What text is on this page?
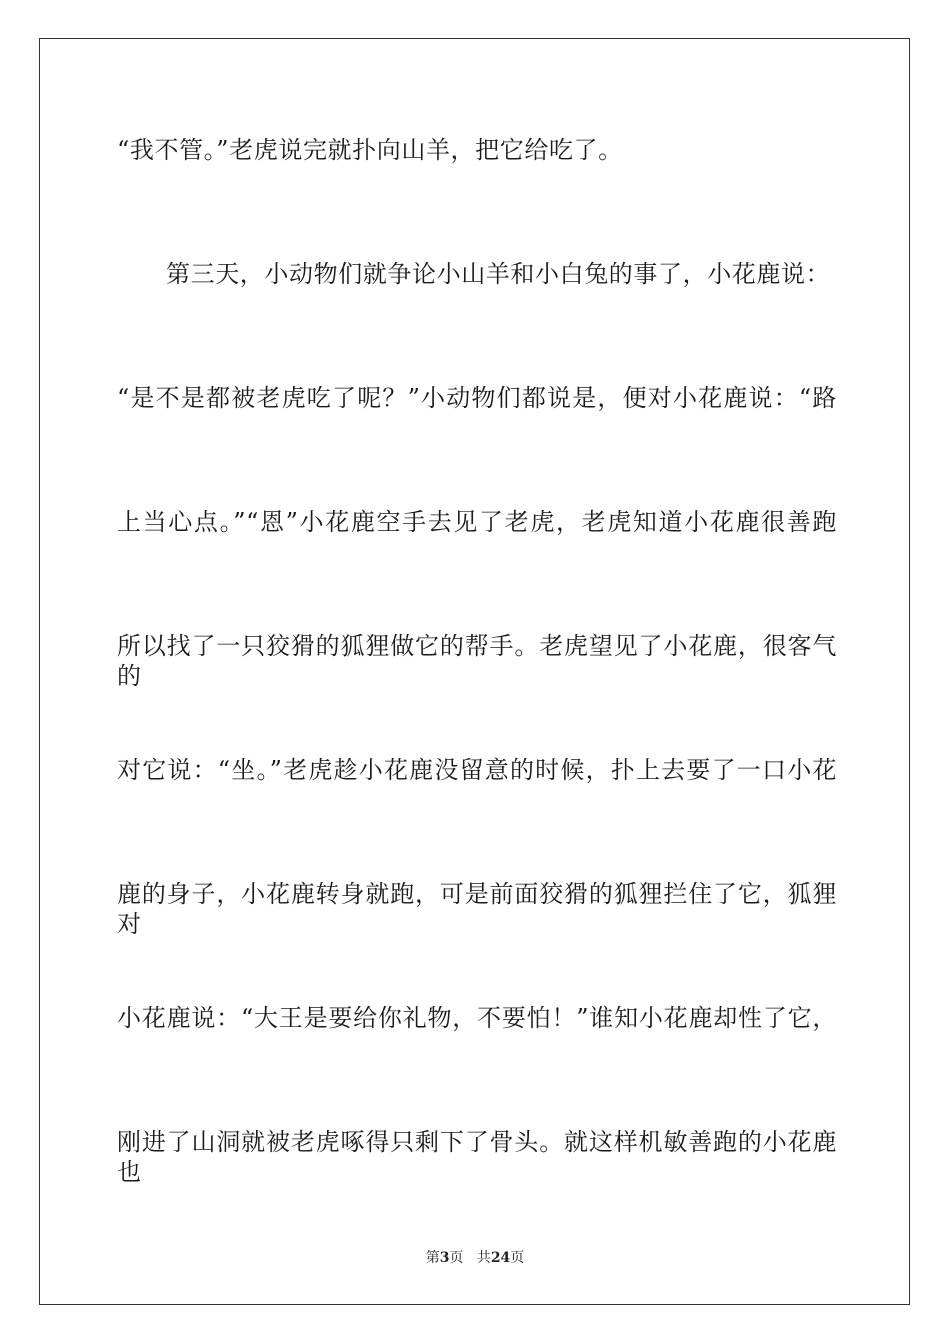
“我不管。”老虎说完就扑向山羊，把它给吃了。
第三天，小动物们就争论小山羊和小白兔的事了，小花鹿说：
“是不是都被老虎吃了呢？”小动物们都说是，便对小花鹿说：“路
上当心点。”“恩”小花鹿空手去见了老虎，老虎知道小花鹿很善跑
所以找了一只狡猾的狐狸做它的帮手。老虎望见了小花鹿，很客气的
对它说：“坐。”老虎趁小花鹿没留意的时候，扑上去要了一口小花
鹿的身子，小花鹿转身就跑，可是前面狡猾的狐狸拦住了它，狐狸对
小花鹿说：“大王是要给你礼物，不要怕！”谁知小花鹿却性了它，
刚进了山洞就被老虎啄得只剩下了骨头。就这样机敏善跑的小花鹿也
第3页 共24页
